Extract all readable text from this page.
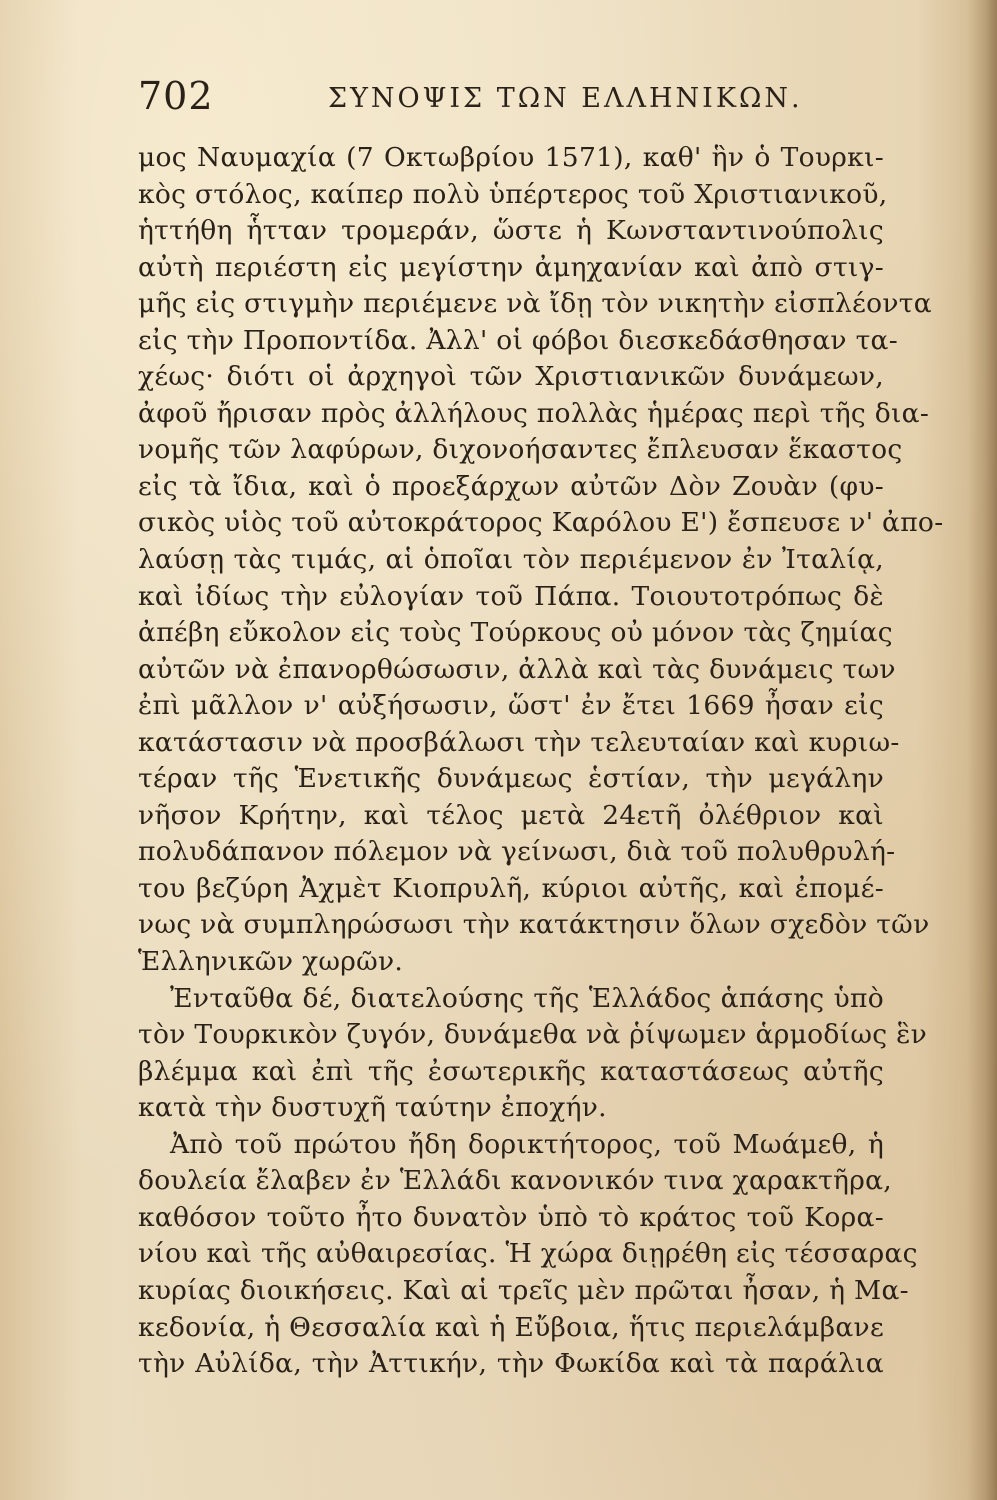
702	ΣΥΝΟΨΙΣ ΤΩΝ ΕΛΛΗΝΙΚΩΝ.
μος Ναυμαχία (7 Οκτωβρίου 1571), καθ' ἣν ὁ Τουρκι-
κὸς στόλος, καίπερ πολὺ ὑπέρτερος τοῦ Χριστιανικοῦ,
ἡττήθη ἧτταν τρομεράν, ὥστε ἡ Κωνσταντινούπολις
αὐτὴ περιέστη εἰς μεγίστην ἀμηχανίαν καὶ ἀπὸ στιγ-
μῆς εἰς στιγμὴν περιέμενε νὰ ἴδῃ τὸν νικητὴν εἰσπλέοντα
εἰς τὴν Προποντίδα. Ἀλλ' οἱ φόβοι διεσκεδάσθησαν τα-
χέως· διότι οἱ ἀρχηγοὶ τῶν Χριστιανικῶν δυνάμεων,
ἀφοῦ ἤρισαν πρὸς ἀλλήλους πολλὰς ἡμέρας περὶ τῆς δια-
νομῆς τῶν λαφύρων, διχονοήσαντες ἔπλευσαν ἕκαστος
εἰς τὰ ἴδια, καὶ ὁ προεξάρχων αὐτῶν Δὸν Ζουὰν (φυ-
σικὸς υἱὸς τοῦ αὐτοκράτορος Καρόλου Ε') ἔσπευσε ν' ἀπο-
λαύσῃ τὰς τιμάς, αἱ ὁποῖαι τὸν περιέμενον ἐν Ἰταλίᾳ,
καὶ ἰδίως τὴν εὐλογίαν τοῦ Πάπα. Τοιουτοτρόπως δὲ
ἀπέβη εὔκολον εἰς τοὺς Τούρκους οὐ μόνον τὰς ζημίας
αὐτῶν νὰ ἐπανορθώσωσιν, ἀλλὰ καὶ τὰς δυνάμεις των
ἐπὶ μᾶλλον ν' αὐξήσωσιν, ὥστ' ἐν ἔτει 1669 ἦσαν εἰς
κατάστασιν νὰ προσβάλωσι τὴν τελευταίαν καὶ κυριω-
τέραν τῆς Ἑνετικῆς δυνάμεως ἑστίαν, τὴν μεγάλην
νῆσον Κρήτην, καὶ τέλος μετὰ 24ετῆ ὀλέθριον καὶ
πολυδάπανον πόλεμον νὰ γείνωσι, διὰ τοῦ πολυθρυλή-
του βεζύρη Ἀχμὲτ Κιοπρυλῆ, κύριοι αὐτῆς, καὶ ἐπομέ-
νως νὰ συμπληρώσωσι τὴν κατάκτησιν ὅλων σχεδὸν τῶν
Ἑλληνικῶν χωρῶν.
Ἐνταῦθα δέ, διατελούσης τῆς Ἑλλάδος ἁπάσης ὑπὸ
τὸν Τουρκικὸν ζυγόν, δυνάμεθα νὰ ῥίψωμεν ἁρμοδίως ἓν
βλέμμα καὶ ἐπὶ τῆς ἐσωτερικῆς καταστάσεως αὐτῆς
κατὰ τὴν δυστυχῆ ταύτην ἐποχήν.
Ἀπὸ τοῦ πρώτου ἤδη δορικτήτορος, τοῦ Μωάμεθ, ἡ
δουλεία ἔλαβεν ἐν Ἑλλάδι κανονικόν τινα χαρακτῆρα,
καθόσον τοῦτο ἦτο δυνατὸν ὑπὸ τὸ κράτος τοῦ Κορα-
νίου καὶ τῆς αὐθαιρεσίας. Ἡ χώρα διῃρέθη εἰς τέσσαρας
κυρίας διοικήσεις. Καὶ αἱ τρεῖς μὲν πρῶται ἦσαν, ἡ Μα-
κεδονία, ἡ Θεσσαλία καὶ ἡ Εὔβοια, ἥτις περιελάμβανε
τὴν Αὐλίδα, τὴν Ἀττικήν, τὴν Φωκίδα καὶ τὰ παράλια
